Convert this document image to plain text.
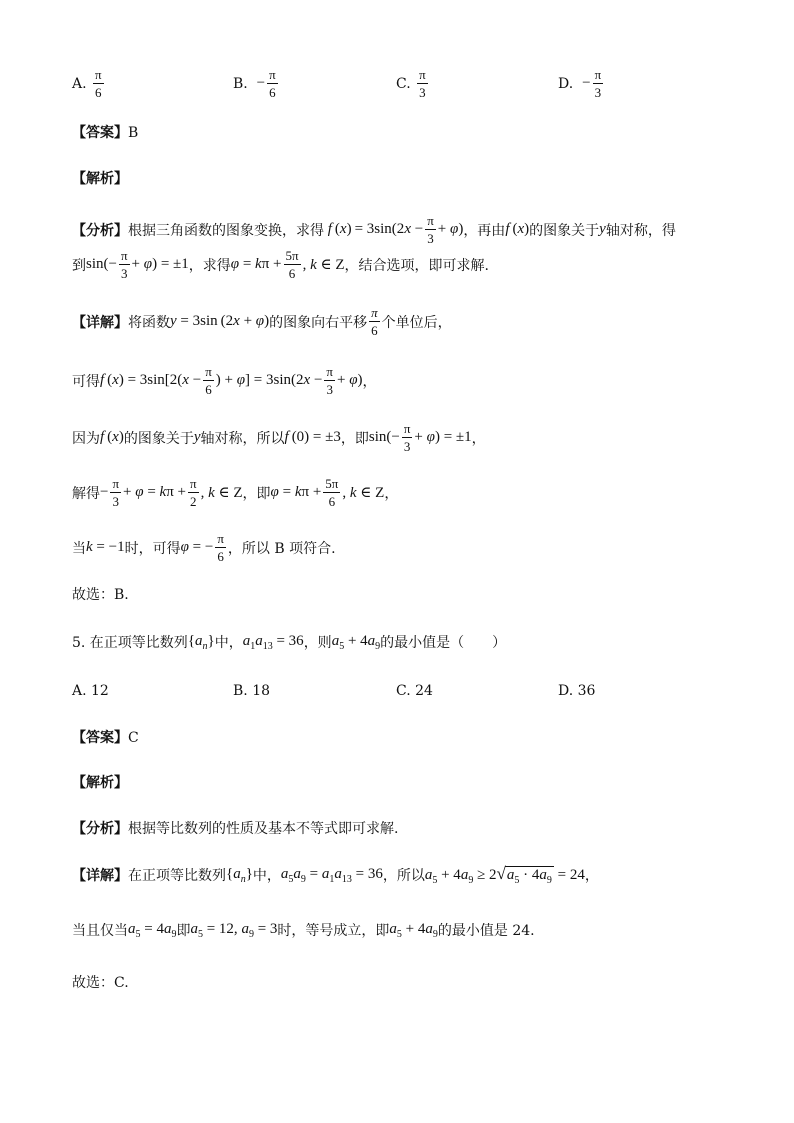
A.
$\frac{\pi}{6}$	B.
− $\frac{\pi}{6}$	C.
$\frac{\pi}{3}$	D.
− $\frac{\pi}{3}$
【答案】B
【解析】
【分析】 根据三角函数的图象变换，求得 f $(x) = 3\sin(2x - \frac{\pi}{3} + \varphi)$ ，再由 f (x) 的图象关于 y 轴对称，得
到 $\sin(- \frac{\pi}{3} + \varphi) = \pm 1$ ，求得 $\varphi = k\pi + \frac{5\pi}{6}$ , k ∈ Z ，结合选项，即可求解.
【详解】 将函数 y = 3sin (2x + φ) 的图象向右平移 $\frac{\pi}{6}$ 个单位后，
可得 f $(x) = 3\sin[2(x - \frac{\pi}{6}$ ) + $\varphi] = 3\sin(2x - \frac{\pi}{3} + \varphi)$ ，
因为 f (x) 的图象关于 y 轴对称，所以 f (0) = ±3 ，即 $\sin(- \frac{\pi}{3} + \varphi) = \pm 1$ ，
解得 − $\frac{\pi}{3} + \varphi = k\pi + \frac{\pi}{2}$ , k ∈ Z ，即 $\varphi = k\pi + \frac{5\pi}{6}$ , k ∈ Z ，
当 k = −1 时，可得 φ = − $\frac{\pi}{6}$ ，所以 B 项符合.
故选：B.
5. 在正项等比数列 $\{a_n\}$ 中， $a_1a_{13} = 36$ ，则 $a_5 + 4a_9$ 的最小值是（　　）
A. 12	B. 18	C. 24	D. 36
【答案】C
【解析】
【分析】根据等比数列的性质及基本不等式即可求解.
【详解】 在正项等比数列 $\{a_n\}$ 中， $a_5a_9 = a_1a_{13} = 36$ ，所以 $a_5 + 4a_9 \ge 2√a_5 \cdot 4a_9 = 24$ ，
当且仅当 $a_5 = 4a_9$ 即 $a_5 = 12$, $a_9 = 3$ 时，等号成立，即 $a_5 + 4a_9$ 的最小值是 24.
故选：C.
